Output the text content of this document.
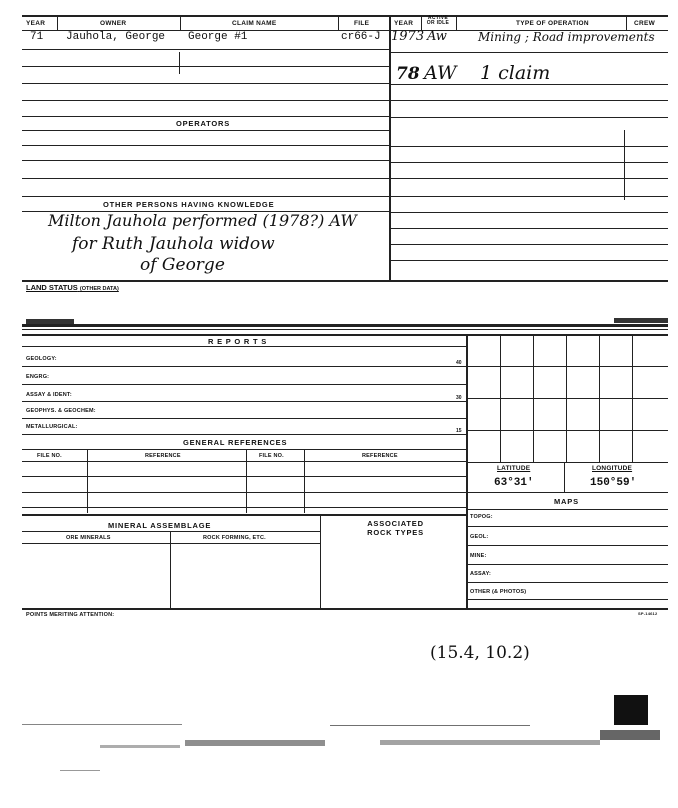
YEAR	OWNER	CLAIM NAME	FILE	YEAR
ACTIVE OR IDLE	TYPE OF OPERATION	CREW
71 Jauhola, George George #1	cr66-J 1973 Aw	Mining ; Road improvements
78 AW 1 claim
OPERATORS
OTHER PERSONS HAVING KNOWLEDGE
Milton Jauhola performed (1978?) AW
for Ruth Jauhola widow
of George
LAND STATUS (OTHER DATA)
R E P O R T S
GEOLOGY:
40
ENGRG:
ASSAY & IDENT:	30
GEOPHYS. & GEOCHEM:
METALLURGICAL:
15
GENERAL REFERENCES
FILE NO.	REFERENCE	FILE NO.	REFERENCE
MINERAL ASSEMBLAGE	ASSOCIATED ROCK TYPES
ORE MINERALS	ROCK FORMING, ETC.
LATITUDE	LONGITUDE
63°31'	150°59'
MAPS
TOPOG:
GEOL:
MINE:
ASSAY:
OTHER (& PHOTOS)
POINTS MERITING ATTENTION:	SP-14612
(15.4, 10.2)
